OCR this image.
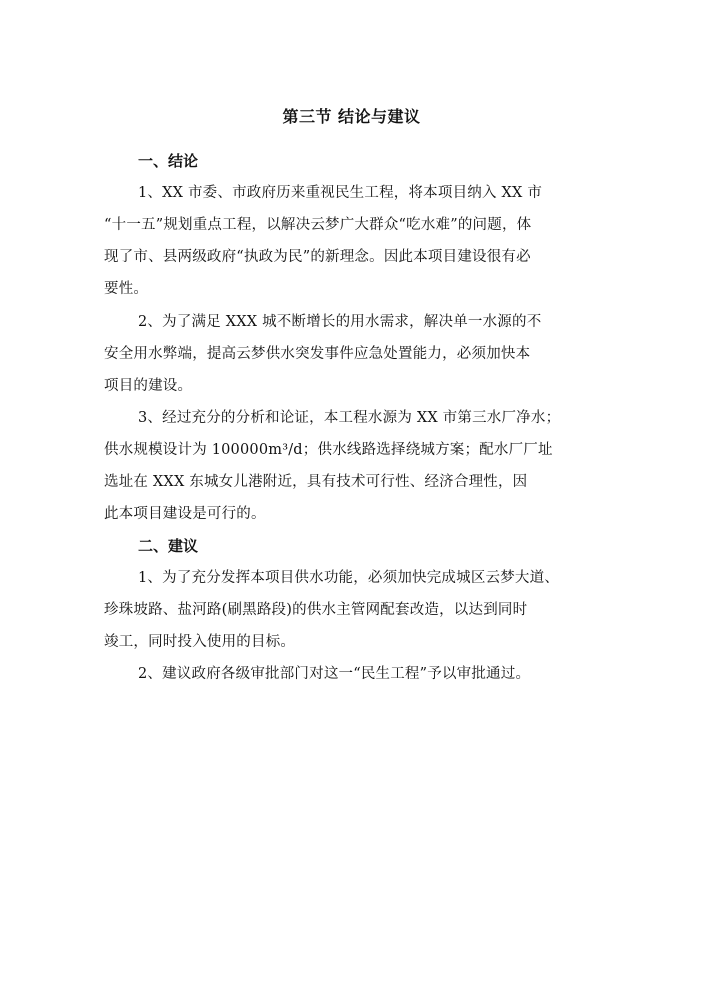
第三节 结论与建议
一、结论
1、XX 市委、市政府历来重视民生工程，将本项目纳入 XX 市
“十一五”规划重点工程，以解决云梦广大群众“吃水难”的问题，体
现了市、县两级政府“执政为民”的新理念。因此本项目建设很有必
要性。
2、为了满足 XXX 城不断增长的用水需求，解决单一水源的不
安全用水弊端，提高云梦供水突发事件应急处置能力，必须加快本
项目的建设。
3、经过充分的分析和论证，本工程水源为 XX 市第三水厂净水；
供水规模设计为 100000m³/d；供水线路选择绕城方案；配水厂厂址
选址在 XXX 东城女儿港附近，具有技术可行性、经济合理性，因
此本项目建设是可行的。
二、建议
1、为了充分发挥本项目供水功能，必须加快完成城区云梦大道、
珍珠坡路、盐河路(刷黑路段)的供水主管网配套改造，以达到同时
竣工，同时投入使用的目标。
2、建议政府各级审批部门对这一“民生工程”予以审批通过。
